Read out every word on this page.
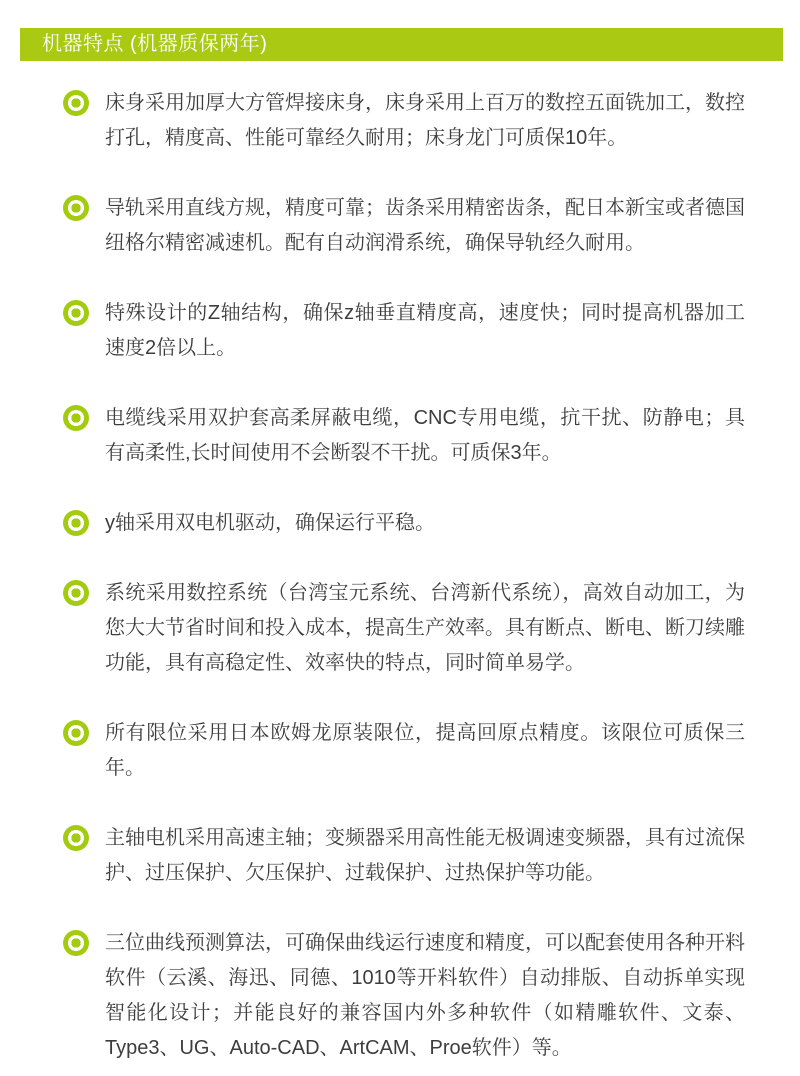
机器特点 (机器质保两年)

床身采用加厚大方管焊接床身，床身采用上百万的数控五面铣加工，数控打孔，精度高、性能可靠经久耐用；床身龙门可质保10年。

导轨采用直线方规，精度可靠；齿条采用精密齿条，配日本新宝或者德国纽格尔精密减速机。配有自动润滑系统，确保导轨经久耐用。

特殊设计的Z轴结构，确保z轴垂直精度高，速度快；同时提高机器加工速度2倍以上。

电缆线采用双护套高柔屏蔽电缆，CNC专用电缆，抗干扰、防静电；具有高柔性,长时间使用不会断裂不干扰。可质保3年。

y轴采用双电机驱动，确保运行平稳。

系统采用数控系统（台湾宝元系统、台湾新代系统），高效自动加工，为您大大节省时间和投入成本，提高生产效率。具有断点、断电、断刀续雕功能，具有高稳定性、效率快的特点，同时简单易学。

所有限位采用日本欧姆龙原装限位，提高回原点精度。该限位可质保三年。

主轴电机采用高速主轴；变频器采用高性能无极调速变频器，具有过流保护、过压保护、欠压保护、过载保护、过热保护等功能。

三位曲线预测算法，可确保曲线运行速度和精度，可以配套使用各种开料软件（云溪、海迅、同德、1010等开料软件）自动排版、自动拆单实现智能化设计；并能良好的兼容国内外多种软件（如精雕软件、文泰、Type3、UG、Auto-CAD、ArtCAM、Proe软件）等。
